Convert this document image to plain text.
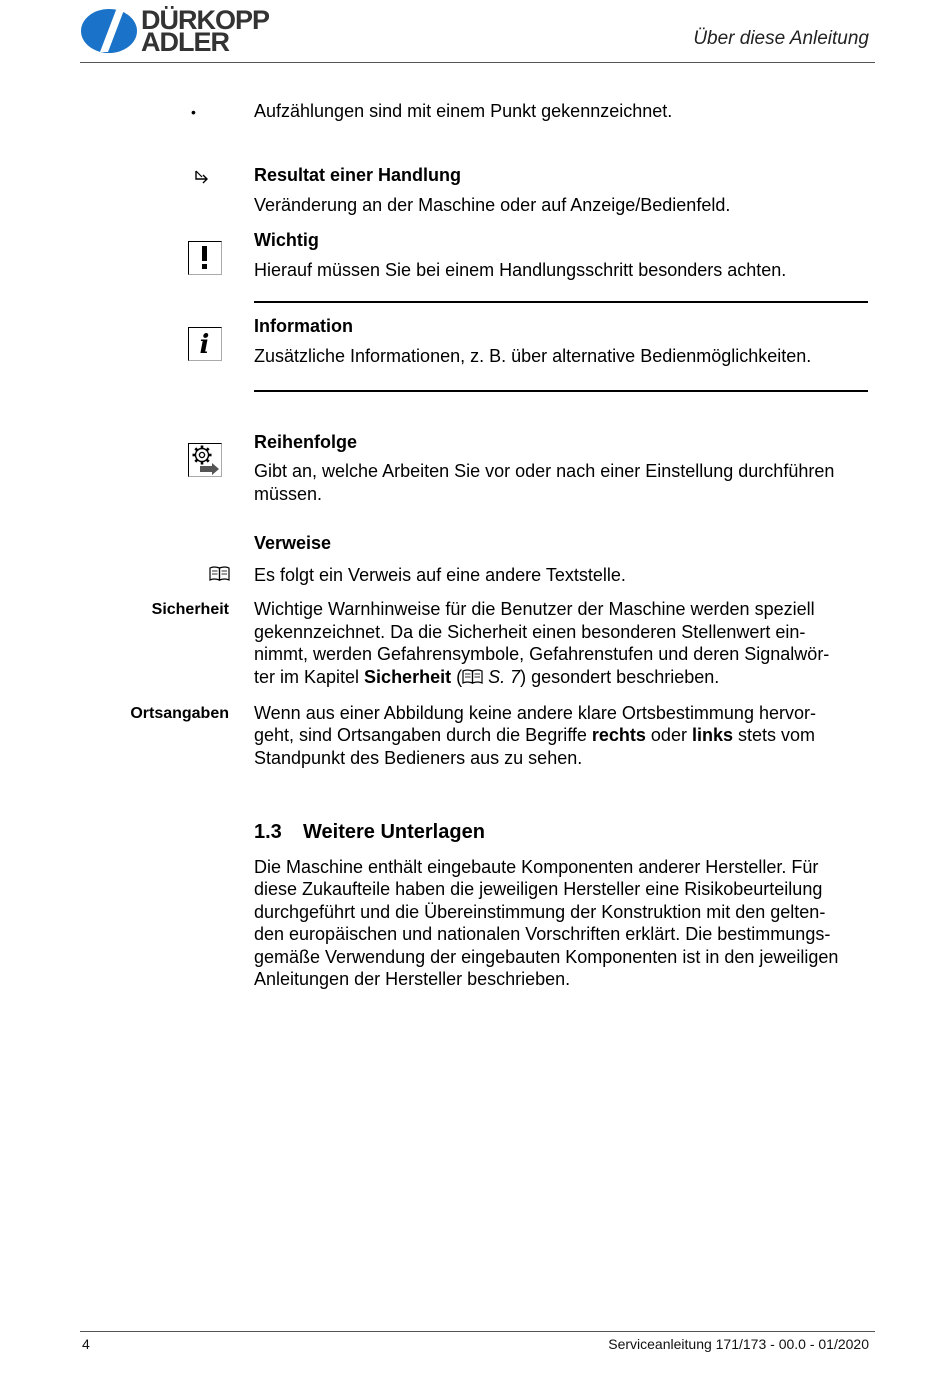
DÜRKOPP
ADLER	Über diese Anleitung
•	Aufzählungen sind mit einem Punkt gekennzeichnet.
Resultat einer Handlung
Veränderung an der Maschine oder auf Anzeige/Bedienfeld.
Wichtig
Hierauf müssen Sie bei einem Handlungsschritt besonders achten.
i
Information
Zusätzliche Informationen, z. B. über alternative Bedienmöglichkeiten.
Reihenfolge
Gibt an, welche Arbeiten Sie vor oder nach einer Einstellung durchführen
müssen.
Verweise
Es folgt ein Verweis auf eine andere Textstelle.
Sicherheit Wichtige Warnhinweise für die Benutzer der Maschine werden speziell
gekennzeichnet. Da die Sicherheit einen besonderen Stellenwert ein-
nimmt, werden Gefahrensymbole, Gefahrenstufen und deren Signalwör-
ter im Kapitel Sicherheit ( S. 7) gesondert beschrieben.
Ortsangaben Wenn aus einer Abbildung keine andere klare Ortsbestimmung hervor-
geht, sind Ortsangaben durch die Begriffe rechts oder links stets vom
Standpunkt des Bedieners aus zu sehen.
1.3 Weitere Unterlagen
Die Maschine enthält eingebaute Komponenten anderer Hersteller. Für
diese Zukaufteile haben die jeweiligen Hersteller eine Risikobeurteilung
durchgeführt und die Übereinstimmung der Konstruktion mit den gelten-
den europäischen und nationalen Vorschriften erklärt. Die bestimmungs-
gemäße Verwendung der eingebauten Komponenten ist in den jeweiligen
Anleitungen der Hersteller beschrieben.
4	Serviceanleitung 171/173 - 00.0 - 01/2020
